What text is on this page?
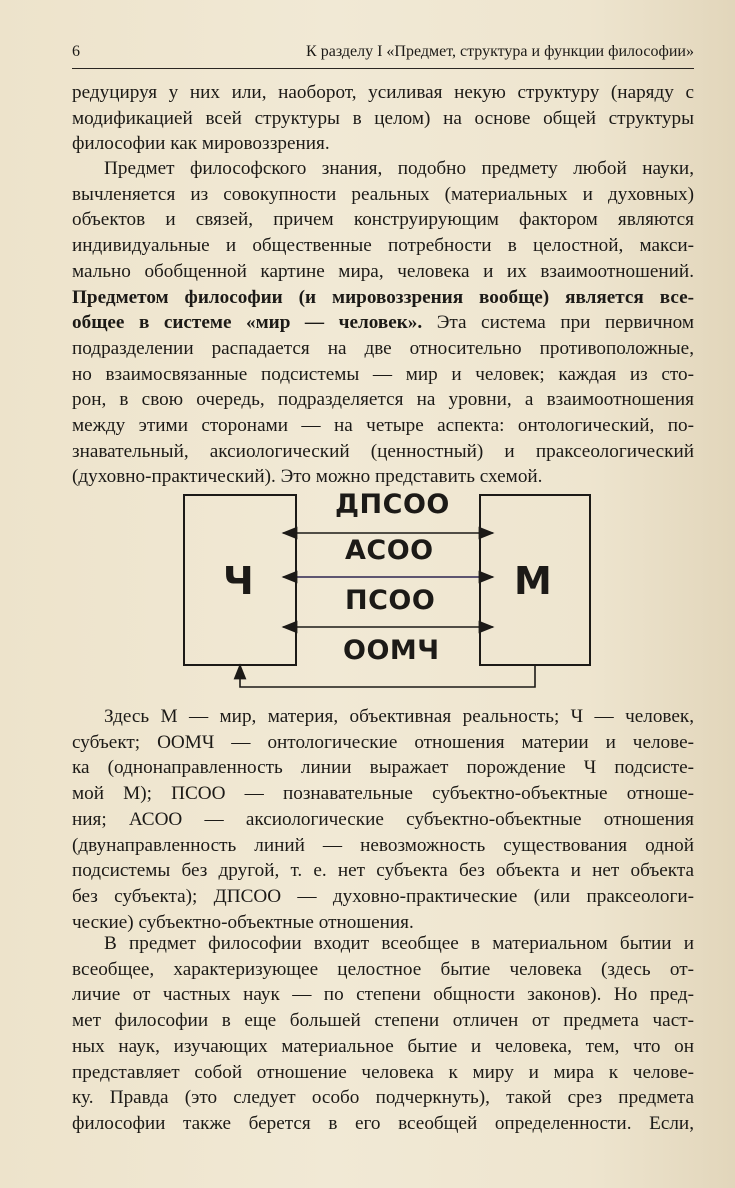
6	К разделу I «Предмет, структура и функции философии»
редуцируя у них или, наоборот, усиливая некую структуру (наряду с
модификацией всей структуры в целом) на основе общей структуры
философии как мировоззрения.
Предмет философского знания, подобно предмету любой науки,
вычленяется из совокупности реальных (материальных и духовных)
объектов и связей, причем конструирующим фактором являются
индивидуальные и общественные потребности в целостной, макси-
мально обобщенной картине мира, человека и их взаимоотношений.
Предметом философии (и мировоззрения вообще) является все-
общее в системе «мир — человек». Эта система при первичном
подразделении распадается на две относительно противоположные,
но взаимосвязанные подсистемы — мир и человек; каждая из сто-
рон, в свою очередь, подразделяется на уровни, а взаимоотношения
между этими сторонами — на четыре аспекта: онтологический, по-
знавательный, аксиологический (ценностный) и праксеологический
(духовно-практический). Это можно представить схемой.
Ч	М
ДПСОО
АСОО
ПСОО
ООМЧ
Здесь М — мир, материя, объективная реальность; Ч — человек,
субъект; ООМЧ — онтологические отношения материи и челове-
ка (однонаправленность линии выражает порождение Ч подсисте-
мой М); ПСОО — познавательные субъектно-объектные отноше-
ния; АСОО — аксиологические субъектно-объектные отношения
(двунаправленность линий — невозможность существования одной
подсистемы без другой, т. е. нет субъекта без объекта и нет объекта
без субъекта); ДПСОО — духовно-практические (или праксеологи-
ческие) субъектно-объектные отношения.
В предмет философии входит всеобщее в материальном бытии и
всеобщее, характеризующее целостное бытие человека (здесь от-
личие от частных наук — по степени общности законов). Но пред-
мет философии в еще большей степени отличен от предмета част-
ных наук, изучающих материальное бытие и человека, тем, что он
представляет собой отношение человека к миру и мира к челове-
ку. Правда (это следует особо подчеркнуть), такой срез предмета
философии также берется в его всеобщей определенности. Если,
